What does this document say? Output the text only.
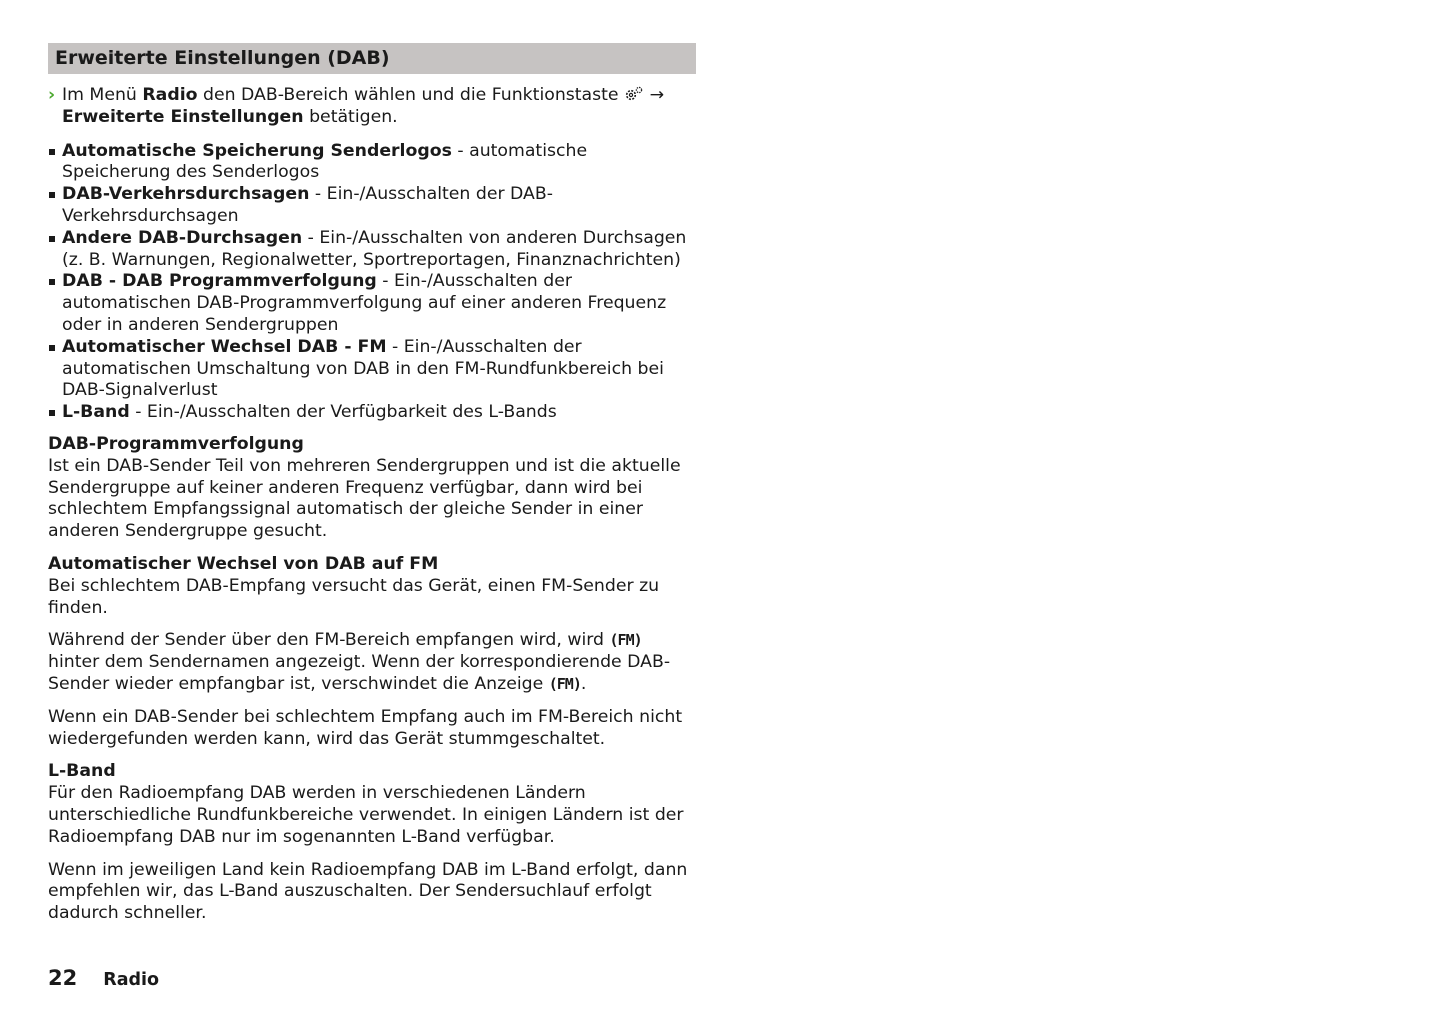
Erweiterte Einstellungen (DAB)
› Im Menü Radio den DAB-Bereich wählen und die Funktionstaste  → Erweiterte Einstellungen betätigen.
Automatische Speicherung Senderlogos - automatische Speicherung des Senderlogos
DAB-Verkehrsdurchsagen - Ein-/Ausschalten der DAB-Verkehrsdurchsagen
Andere DAB-Durchsagen - Ein-/Ausschalten von anderen Durchsagen (z. B. Warnungen, Regionalwetter, Sportreportagen, Finanznachrichten)
DAB - DAB Programmverfolgung - Ein-/Ausschalten der automatischen DAB-Programmverfolgung auf einer anderen Frequenz oder in anderen Sendergruppen
Automatischer Wechsel DAB - FM - Ein-/Ausschalten der automatischen Umschaltung von DAB in den FM-Rundfunkbereich bei DAB-Signalverlust
L-Band - Ein-/Ausschalten der Verfügbarkeit des L-Bands
DAB-Programmverfolgung

Ist ein DAB-Sender Teil von mehreren Sendergruppen und ist die aktuelle Sendergruppe auf keiner anderen Frequenz verfügbar, dann wird bei schlechtem Empfangssignal automatisch der gleiche Sender in einer anderen Sendergruppe gesucht.

Automatischer Wechsel von DAB auf FM

Bei schlechtem DAB-Empfang versucht das Gerät, einen FM-Sender zu finden.

Während der Sender über den FM-Bereich empfangen wird, wird (FM) hinter dem Sendernamen angezeigt. Wenn der korrespondierende DAB-Sender wieder empfangbar ist, verschwindet die Anzeige (FM).

Wenn ein DAB-Sender bei schlechtem Empfang auch im FM-Bereich nicht wiedergefunden werden kann, wird das Gerät stummgeschaltet.

L-Band

Für den Radioempfang DAB werden in verschiedenen Ländern unterschiedliche Rundfunkbereiche verwendet. In einigen Ländern ist der Radioempfang DAB nur im sogenannten L-Band verfügbar.

Wenn im jeweiligen Land kein Radioempfang DAB im L-Band erfolgt, dann empfehlen wir, das L-Band auszuschalten. Der Sendersuchlauf erfolgt dadurch schneller.

22 Radio
